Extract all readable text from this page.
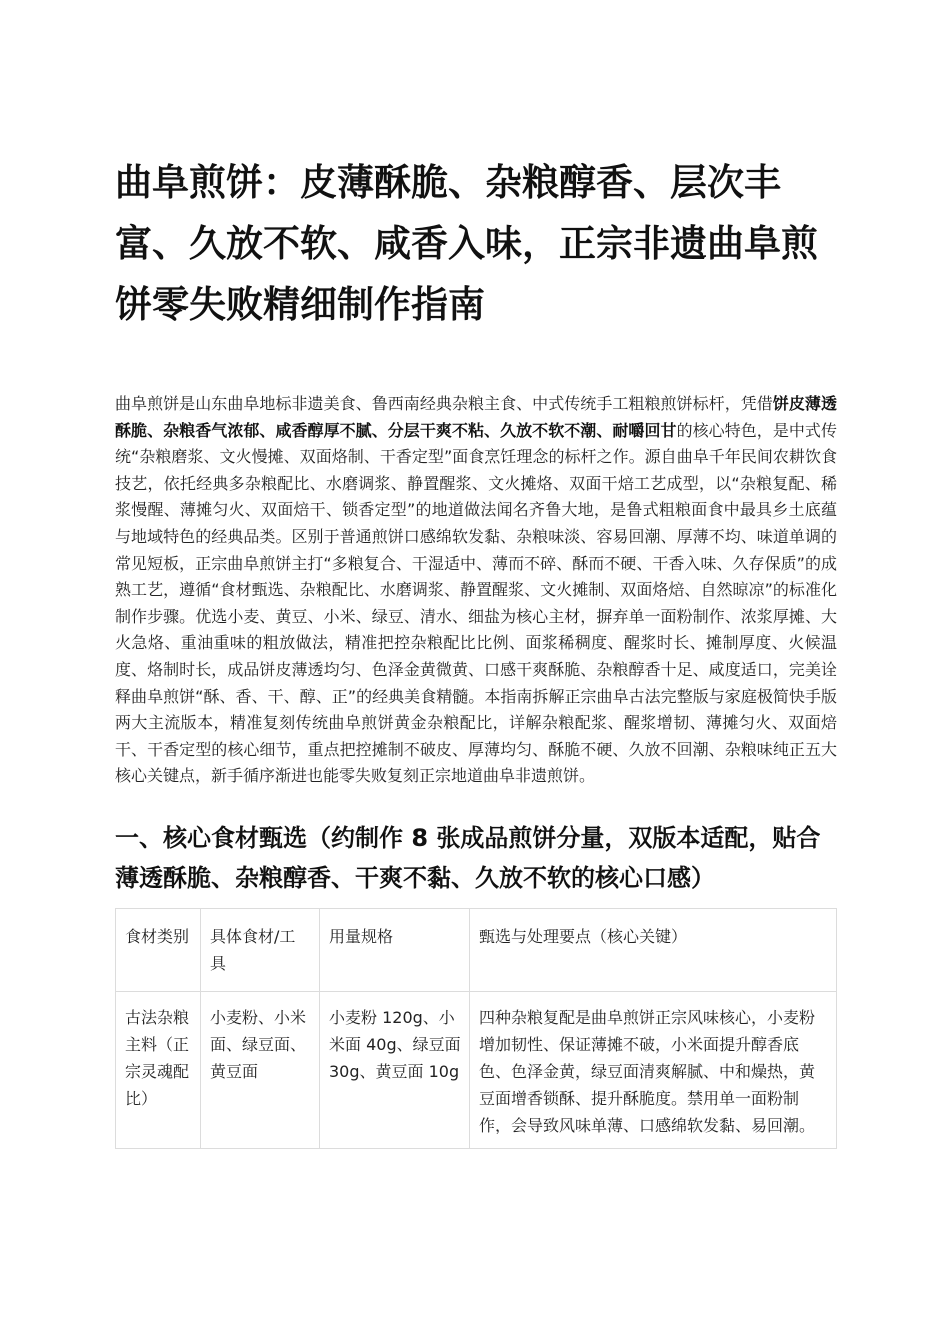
曲阜煎饼：皮薄酥脆、杂粮醇香、层次丰富、久放不软、咸香入味，正宗非遗曲阜煎饼零失败精细制作指南

曲阜煎饼是山东曲阜地标非遗美食、鲁西南经典杂粮主食、中式传统手工粗粮煎饼标杆，凭借饼皮薄透酥脆、杂粮香气浓郁、咸香醇厚不腻、分层干爽不粘、久放不软不潮、耐嚼回甘的核心特色，是中式传统“杂粮磨浆、文火慢摊、双面烙制、干香定型”面食烹饪理念的标杆之作。源自曲阜千年民间农耕饮食技艺，依托经典多杂粮配比、水磨调浆、静置醒浆、文火摊烙、双面干焙工艺成型，以“杂粮复配、稀浆慢醒、薄摊匀火、双面焙干、锁香定型”的地道做法闻名齐鲁大地，是鲁式粗粮面食中最具乡土底蕴与地域特色的经典品类。区别于普通煎饼口感绵软发黏、杂粮味淡、容易回潮、厚薄不均、味道单调的常见短板，正宗曲阜煎饼主打“多粮复合、干湿适中、薄而不碎、酥而不硬、干香入味、久存保质”的成熟工艺，遵循“食材甄选、杂粮配比、水磨调浆、静置醒浆、文火摊制、双面烙焙、自然晾凉”的标准化制作步骤。优选小麦、黄豆、小米、绿豆、清水、细盐为核心主材，摒弃单一面粉制作、浓浆厚摊、大火急烙、重油重味的粗放做法，精准把控杂粮配比比例、面浆稀稠度、醒浆时长、摊制厚度、火候温度、烙制时长，成品饼皮薄透均匀、色泽金黄微黄、口感干爽酥脆、杂粮醇香十足、咸度适口，完美诠释曲阜煎饼“酥、香、干、醇、正”的经典美食精髓。本指南拆解正宗曲阜古法完整版与家庭极简快手版两大主流版本，精准复刻传统曲阜煎饼黄金杂粮配比，详解杂粮配浆、醒浆增韧、薄摊匀火、双面焙干、干香定型的核心细节，重点把控摊制不破皮、厚薄均匀、酥脆不硬、久放不回潮、杂粮味纯正五大核心关键点，新手循序渐进也能零失败复刻正宗地道曲阜非遗煎饼。

一、核心食材甄选（约制作 8 张成品煎饼分量，双版本适配，贴合薄透酥脆、杂粮醇香、干爽不黏、久放不软的核心口感）
食材类别	具体食材/工具	用量规格	甄选与处理要点（核心关键）

古法杂粮主料（正宗灵魂配比）	小麦粉、小米面、绿豆面、黄豆面	小麦粉 120g、小米面 40g、绿豆面 30g、黄豆面 10g	四种杂粮复配是曲阜煎饼正宗风味核心，小麦粉增加韧性、保证薄摊不破，小米面提升醇香底色、色泽金黄，绿豆面清爽解腻、中和燥热，黄豆面增香锁酥、提升酥脆度。禁用单一面粉制作，会导致风味单薄、口感绵软发黏、易回潮。
